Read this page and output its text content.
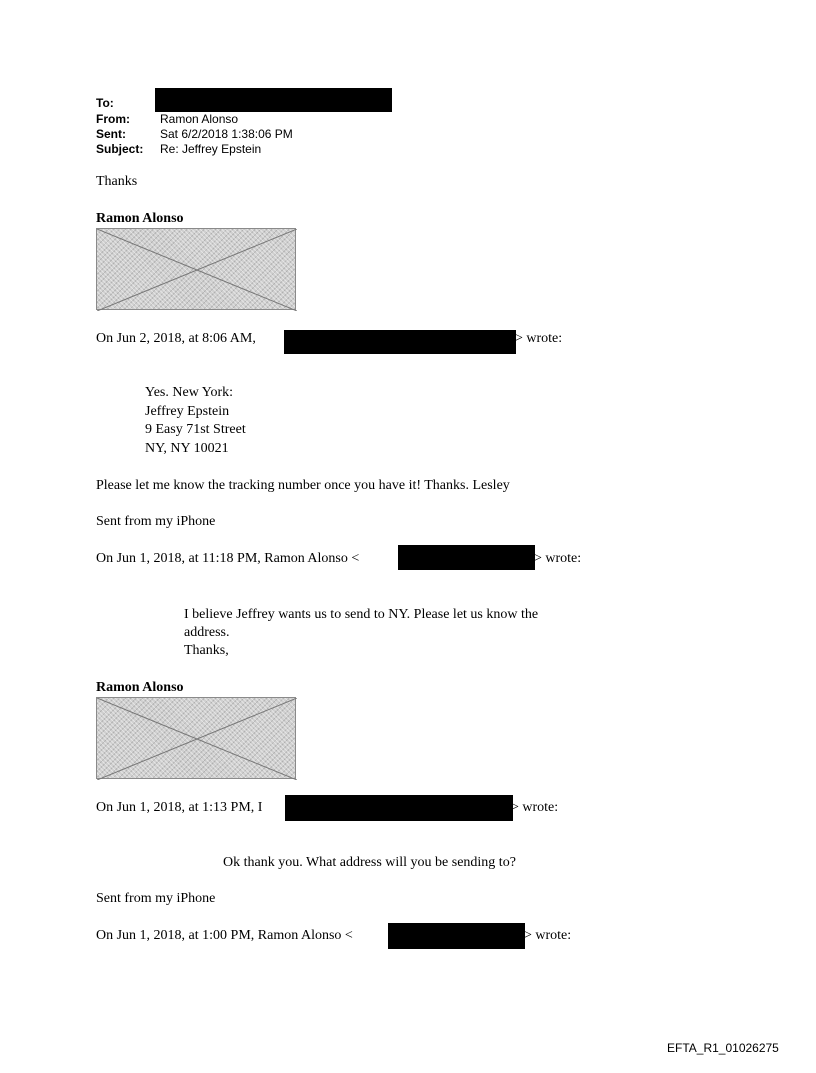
To:
From:	Ramon Alonso
Sent:	Sat 6/2/2018 1:38:06 PM
Subject: Re: Jeffrey Epstein
Thanks
Ramon Alonso
On Jun 2, 2018, at 8:06 AM,	> wrote:
Yes. New York:
Jeffrey Epstein
9 Easy 71st Street
NY, NY 10021
Please let me know the tracking number once you have it! Thanks. Lesley
Sent from my iPhone
On Jun 1, 2018, at 11:18 PM, Ramon Alonso <	> wrote:
I believe Jeffrey wants us to send to NY. Please let us know the
address.
Thanks,
Ramon Alonso
On Jun 1, 2018, at 1:13 PM, I	> wrote:
Ok thank you. What address will you be sending to?
Sent from my iPhone
On Jun 1, 2018, at 1:00 PM, Ramon Alonso <	> wrote:
EFTA_R1_01026275
